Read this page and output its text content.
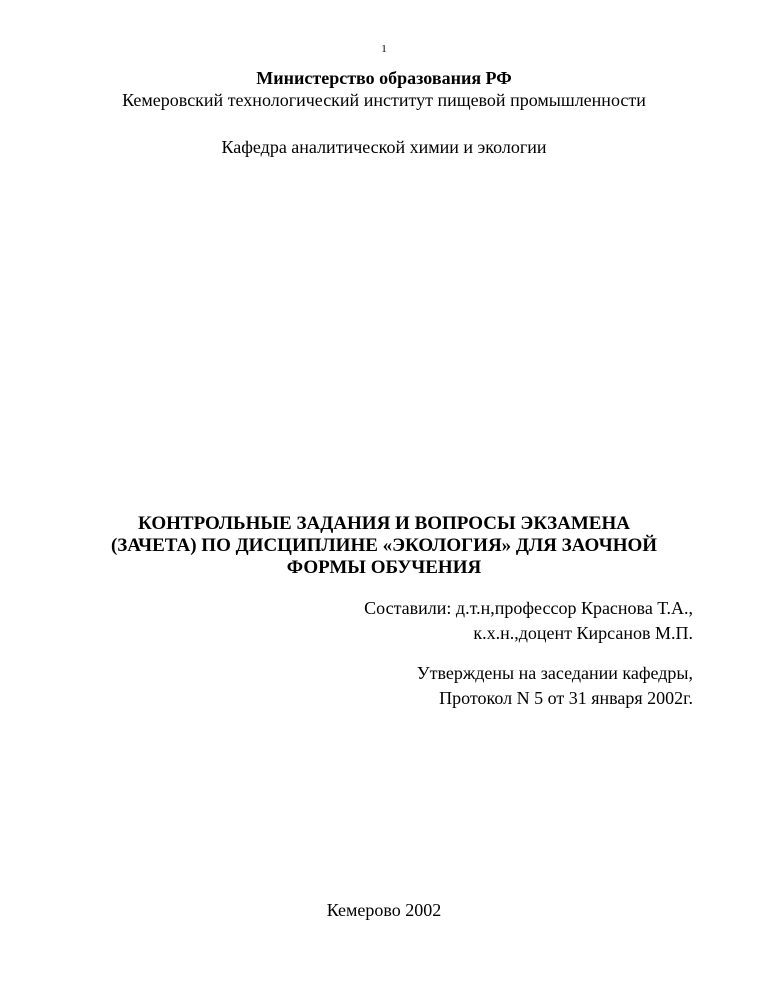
1
Министерство образования РФ
Кемеровский технологический институт пищевой промышленности
Кафедра аналитической химии и экологии
КОНТРОЛЬНЫЕ ЗАДАНИЯ И ВОПРОСЫ ЭКЗАМЕНА
(ЗАЧЕТА) ПО ДИСЦИПЛИНЕ «ЭКОЛОГИЯ» ДЛЯ ЗАОЧНОЙ
ФОРМЫ ОБУЧЕНИЯ
Составили: д.т.н,профессор Краснова Т.А.,
к.х.н.,доцент Кирсанов М.П.
Утверждены на заседании кафедры,
Протокол N 5 от 31 января 2002г.
Кемерово 2002
